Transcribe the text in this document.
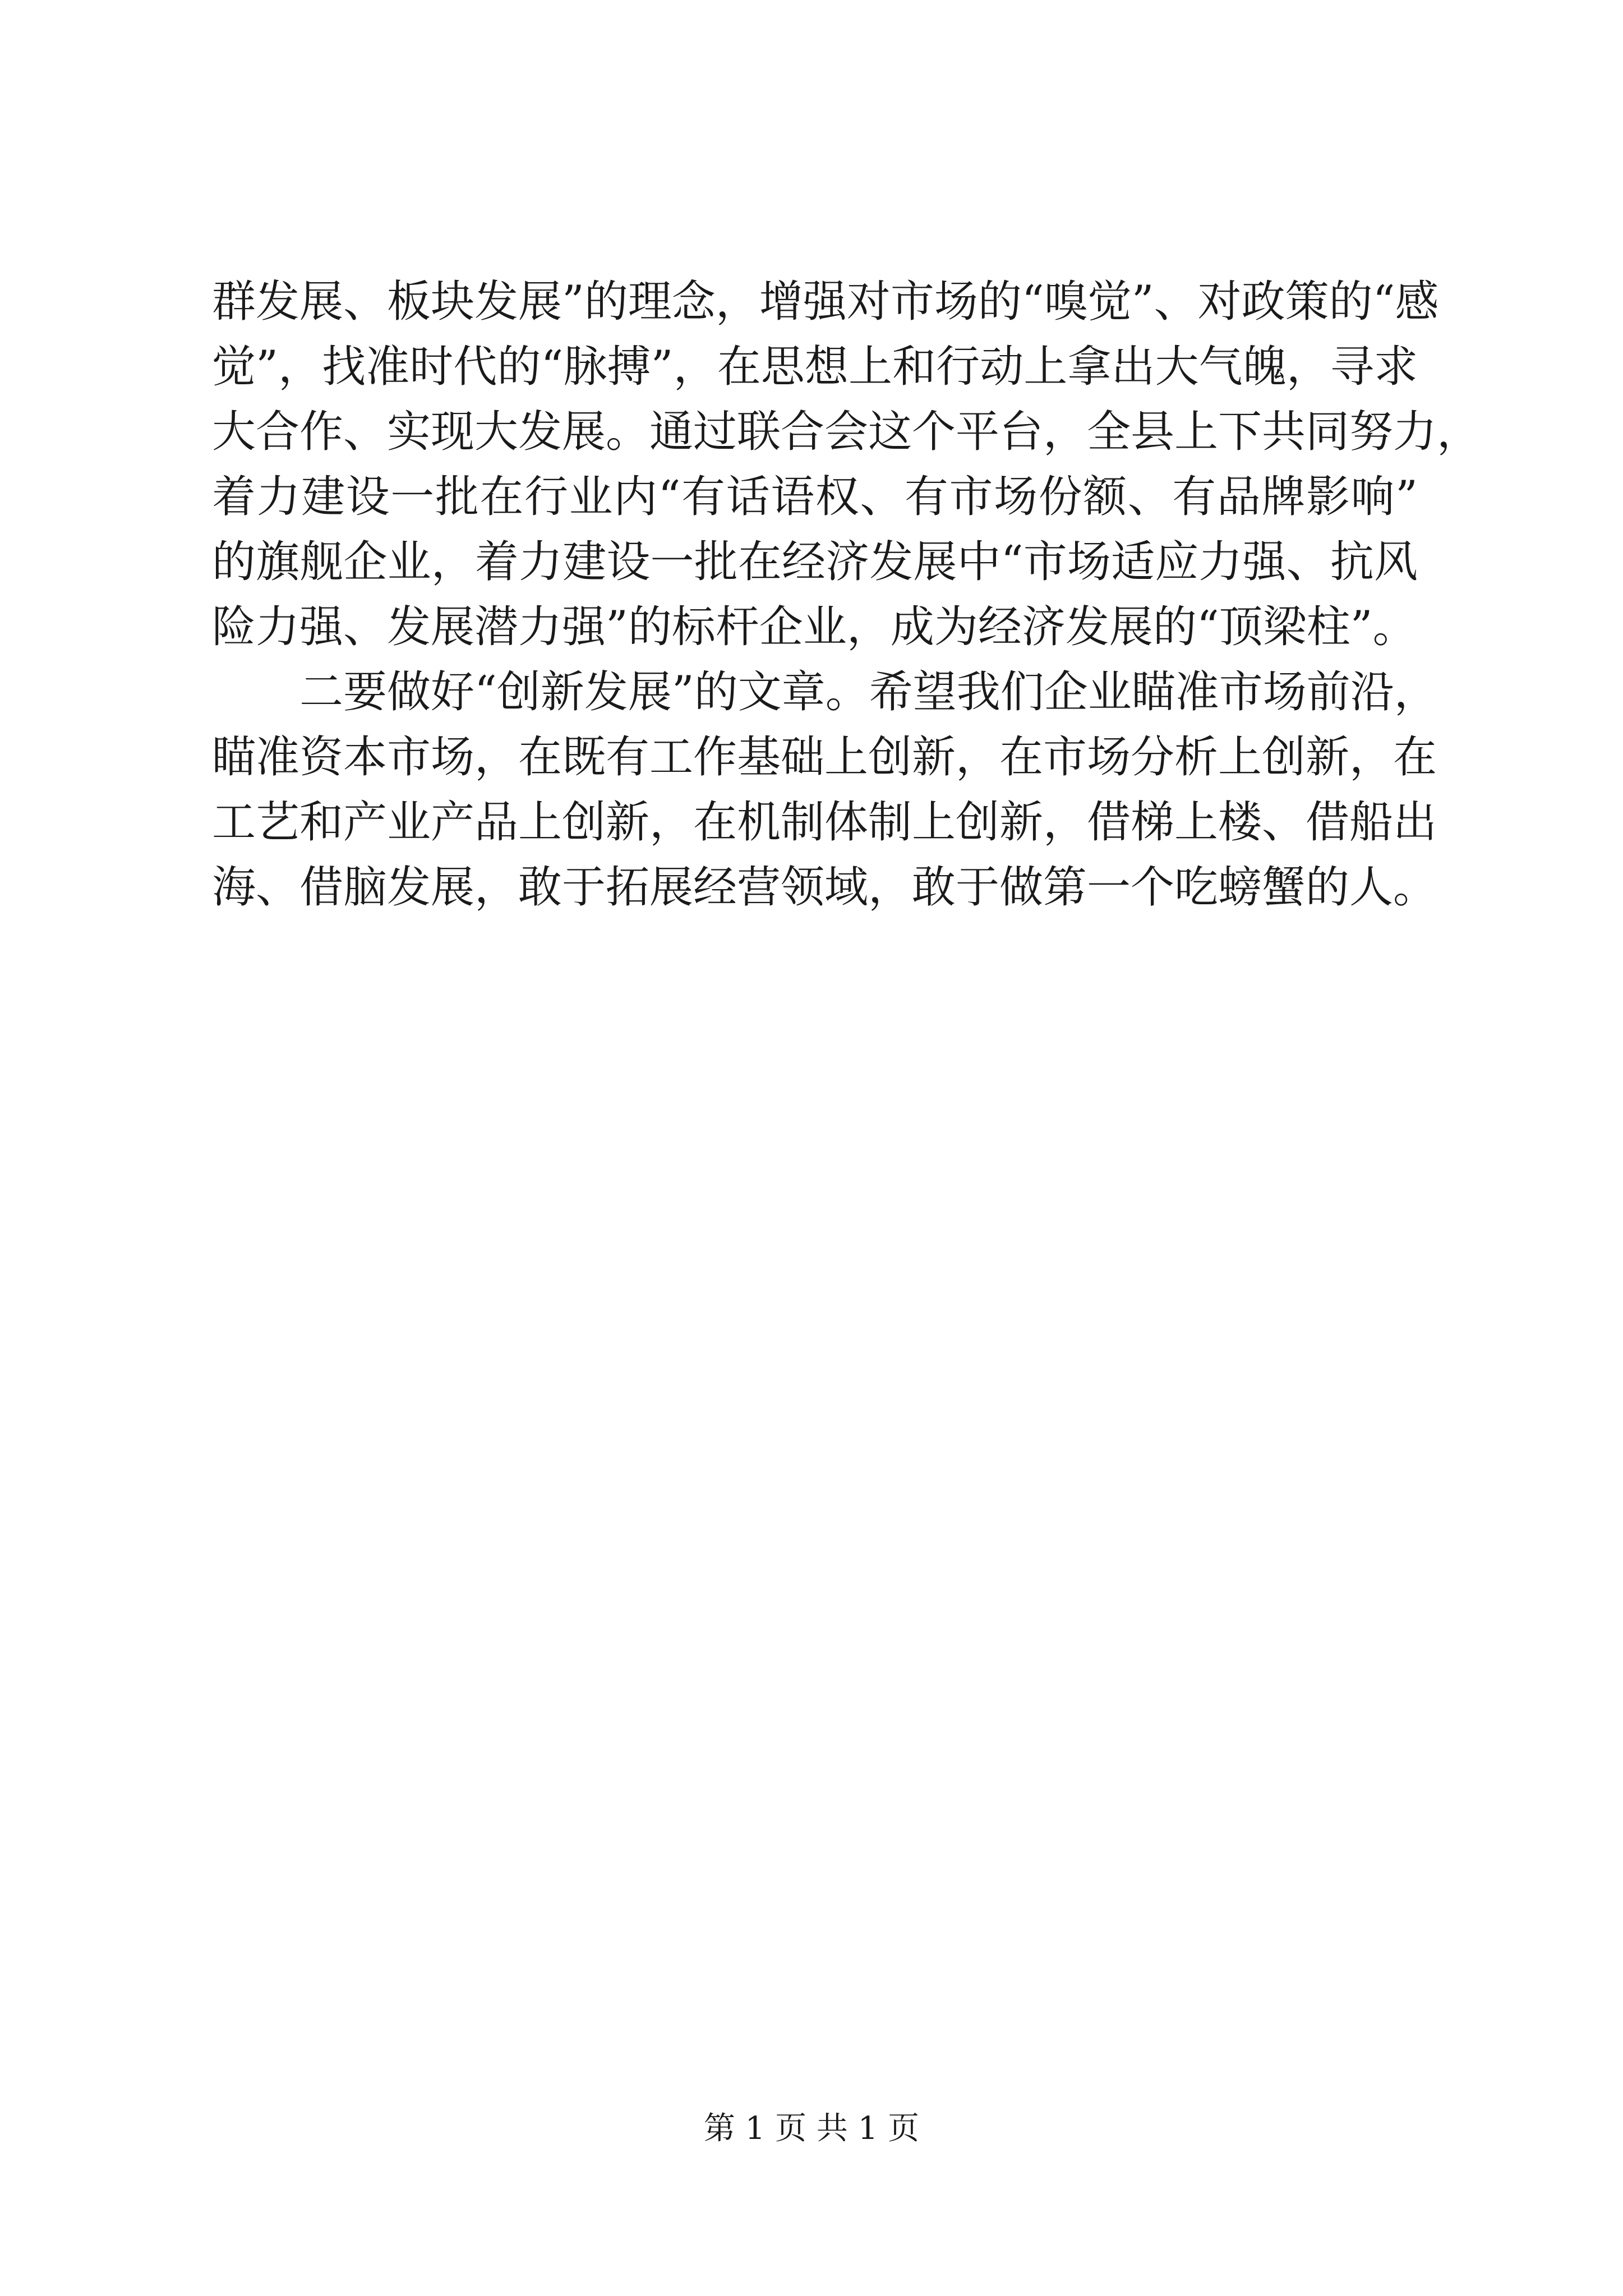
群发展、板块发展”的理念，增强对市场的“嗅觉”、对政策的“感
觉”，找准时代的“脉搏”，在思想上和行动上拿出大气魄，寻求
大合作、实现大发展。通过联合会这个平台，全县上下共同努力，
着力建设一批在行业内“有话语权、有市场份额、有品牌影响”
的旗舰企业，着力建设一批在经济发展中“市场适应力强、抗风
险力强、发展潜力强”的标杆企业，成为经济发展的“顶梁柱”。
二要做好“创新发展”的文章。希望我们企业瞄准市场前沿，
瞄准资本市场，在既有工作基础上创新，在市场分析上创新，在
工艺和产业产品上创新，在机制体制上创新，借梯上楼、借船出
海、借脑发展，敢于拓展经营领域，敢于做第一个吃螃蟹的人。
第 1 页 共 1 页
